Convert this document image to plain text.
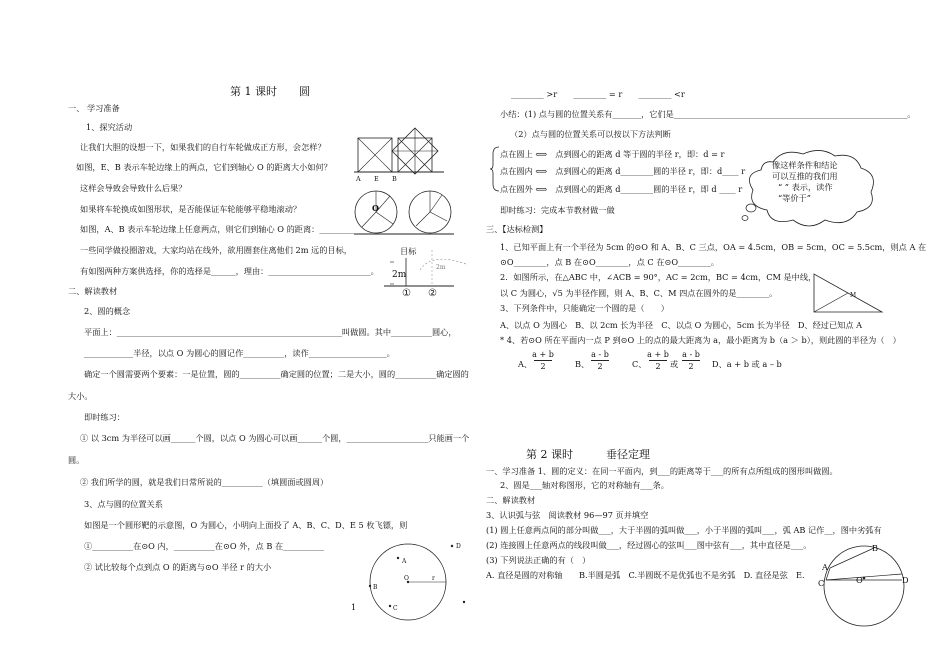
第 1 课时　　圆
一、 学习准备
1、探究活动
让我们大胆的设想一下，如果我们的自行车轮做成正方形，会怎样？
如图，E、B 表示车轮边缘上的两点，它们到轴心 O 的距离大小如何？
这样会导致会导致什么后果？
如果将车轮换成如图形状，是否能保证车轮能够平稳地滚动？
如图，A、B 表示车轮边缘上任意两点，则它们到轴心 O 的距离：__________
一些同学做投圈游戏，大家均站在线外，欲用圈套住离他们 2m 远的目标，
有如图两种方案供选择，你的选择是______，理由：_________________________。
二、解读教材
2、圆的概念
平面上：_______________________________________________________叫做圆。其中__________圆心，
____________半径，以点 O 为圆心的圆记作__________，读作___________________。
确定一个圆需要两个要素：一是位置，圆的__________确定圆的位置；二是大小，圆的__________确定圆的
大小。
即时练习：
① 以 3cm 为半径可以画______个圆，以点 O 为圆心可以画______个圆，____________________只能画一个
圆。
② 我们所学的圆，就是我们日常所说的__________（填圆面或圆周）
3、点与圆的位置关系
如图是一个圆形靶的示意图，O 为圆心，小明向上面投了 A、B、C、D、E 5 枚飞镖，则
①__________在⊙O 内，__________在⊙O 外，点 B 在__________
② 试比较每个点到点 O 的距离与⊙O 半径 r 的大小
1
A E B
O
目标
2m
2m
① ②
A
B
C
D
O	r
________ >r　　________ = r　　________ <r
小结：(1) 点与圆的位置关系有_______，它们是_________________________________________________________。
（2）点与圆的位置关系可以按以下方法判断
点在圆上 ⟺　点到圆心的距离 d 等于圆的半径 r，即：d = r
点在圆内 ⟺　点到圆心的距离 d________圆的半径 r，即：d____ r
点在圆外 ⟺　点到圆心的距离 d________圆的半径 r，即 d ____ r
像这样条件和结论
可以互推的我们用
“ ” 表示，读作
“等价于”
即时练习：完成本节教材做一做
三、【达标检测】
1、已知平面上有一个半径为 5cm 的⊙O 和 A、B、C 三点，OA = 4.5cm，OB = 5cm，OC = 5.5cm，则点 A 在
⊙O________，点 B 在⊙O________，点 C 在⊙O________。
2．如图所示，在△ABC 中，∠ACB = 90°，AC = 2cm，BC = 4cm，CM 是中线，
以 C 为圆心，√5 为半径作圆，则 A、B、C、M 四点在圆外的是________。	M
3、下列条件中，只能确定一个圆的是（　　）
A、以点 O 为圆心　B、以 2cm 长为半径　C、以点 O 为圆心，5cm 长为半径　D、经过已知点 A
* 4、若⊙O 所在平面内一点 P 到⊙O 上的点的最大距离为 a，最小距离为 b（a ＞ b），则此圆的半径为（　）
A、
a + b
2	B、
a - b
2	C、
a + b
2	或
a - b
2	D、a + b 或 a – b
第 2 课时　　　垂径定理
一、学习准备 1、圆的定义：在同一平面内，到___的距离等于___的所有点所组成的图形叫做圆。
2、圆是___轴对称图形，它的对称轴有___条。
二、解读教材
3、认识弧与弦　阅读教材 96—97 页并填空
(1) 圆上任意两点间的部分叫做___，大于半圆的弧叫做___，小于半圆的弧叫___，弧 AB 记作__，图中劣弧有
(2) 连接圆上任意两点的线段叫做___，经过圆心的弦叫___图中弦有___，其中直径是___。
(3) 下列说法正确的有（　）
A. 直径是圆的对称轴　　B.半圆是弧　C.半圆既不是优弧也不是劣弧　D. 直径是弦　E.
B
A
C	O	D
